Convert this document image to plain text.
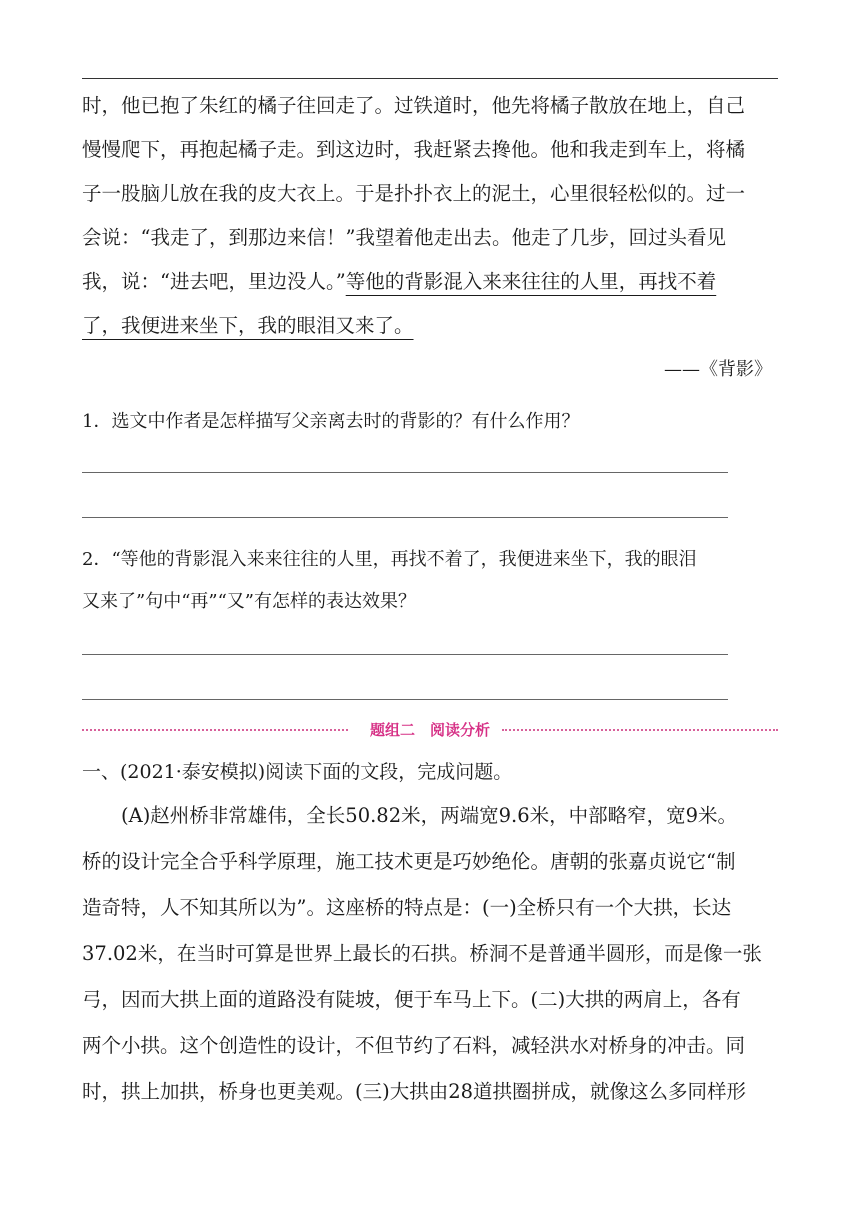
时，他已抱了朱红的橘子往回走了。过铁道时，他先将橘子散放在地上，自己

慢慢爬下，再抱起橘子走。到这边时，我赶紧去搀他。他和我走到车上，将橘

子一股脑儿放在我的皮大衣上。于是扑扑衣上的泥土，心里很轻松似的。过一

会说：“我走了，到那边来信！”我望着他走出去。他走了几步，回过头看见

我，说：“进去吧，里边没人。”等他的背影混入来来往往的人里，再找不着

了，我便进来坐下，我的眼泪又来了。

——《背影》

1．选文中作者是怎样描写父亲离去时的背影的？有什么作用？

2．“等他的背影混入来来往往的人里，再找不着了，我便进来坐下，我的眼泪

又来了”句中“再”“又”有怎样的表达效果？

题组二　阅读分析

一、(2021·泰安模拟)阅读下面的文段，完成问题。

(A)赵州桥非常雄伟，全长50.82米，两端宽9.6米，中部略窄，宽9米。

桥的设计完全合乎科学原理，施工技术更是巧妙绝伦。唐朝的张嘉贞说它“制

造奇特，人不知其所以为”。这座桥的特点是：(一)全桥只有一个大拱，长达

37.02米，在当时可算是世界上最长的石拱。桥洞不是普通半圆形，而是像一张

弓，因而大拱上面的道路没有陡坡，便于车马上下。(二)大拱的两肩上，各有

两个小拱。这个创造性的设计，不但节约了石料，减轻洪水对桥身的冲击。同

时，拱上加拱，桥身也更美观。(三)大拱由28道拱圈拼成，就像这么多同样形
